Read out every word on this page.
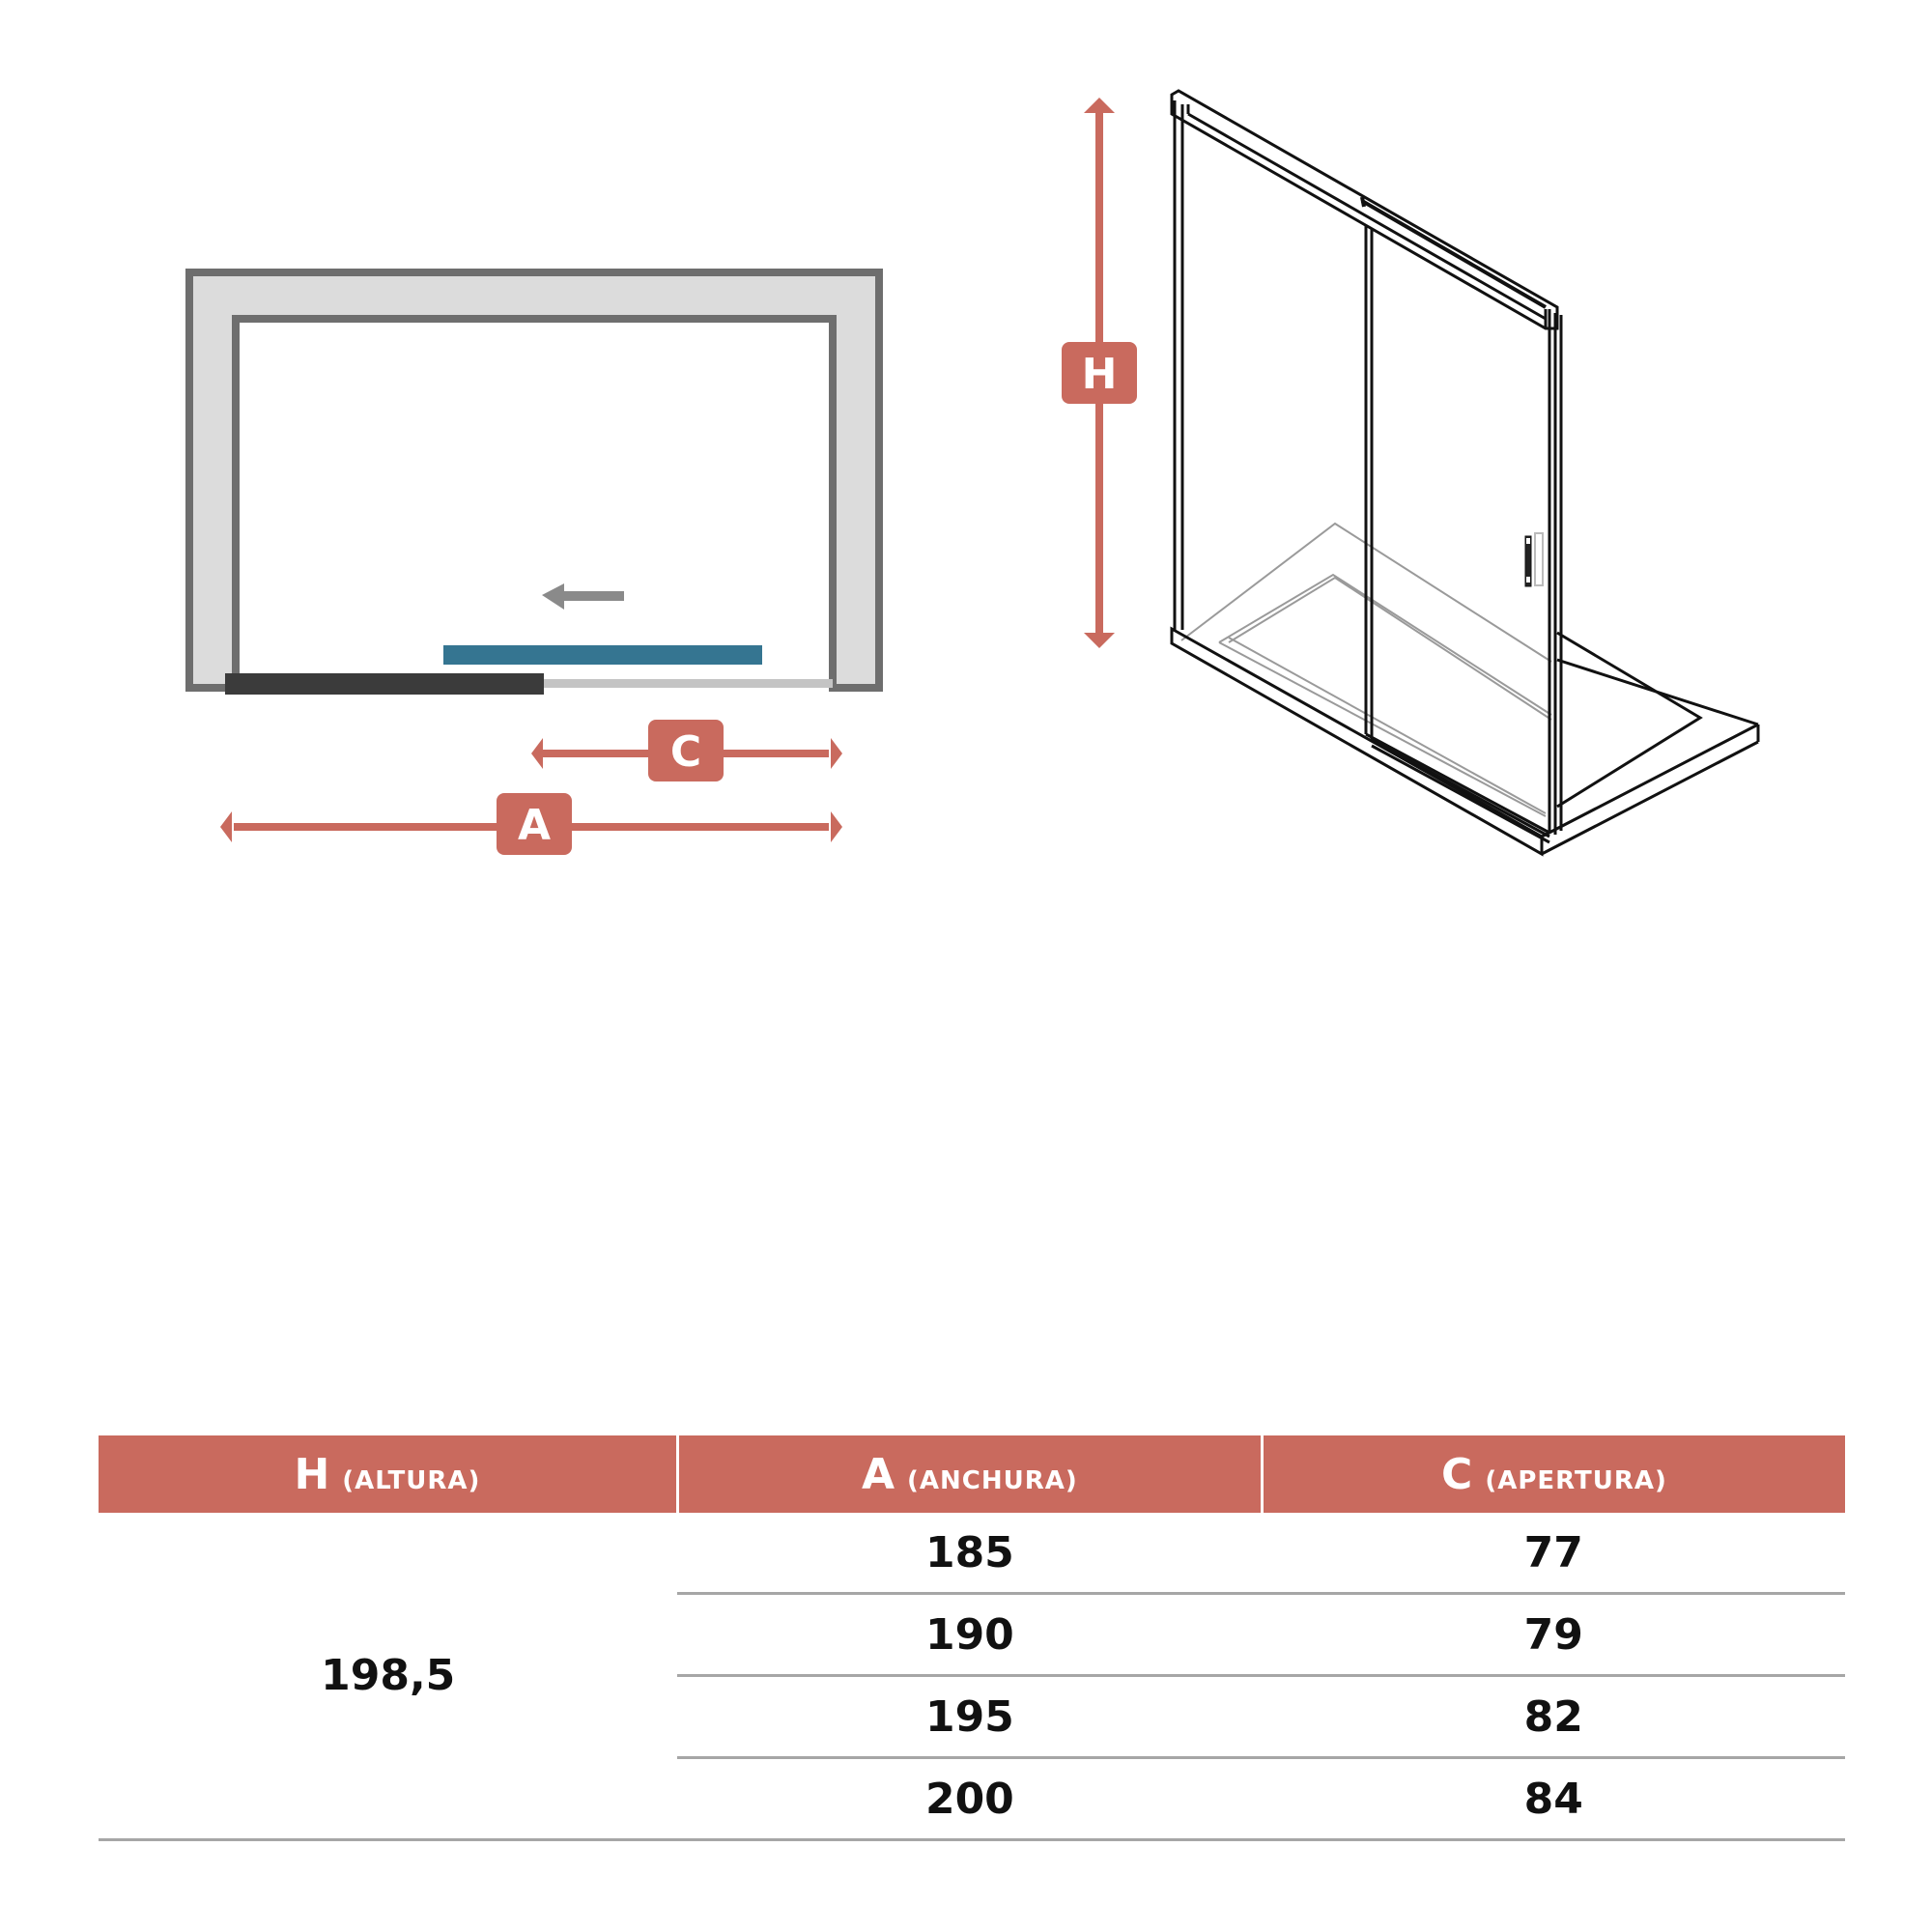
C
A
H
H (ALTURA)	A (ANCHURA)	C (APERTURA)
198,5	185	77
	190	79
	195	82
	200	84
